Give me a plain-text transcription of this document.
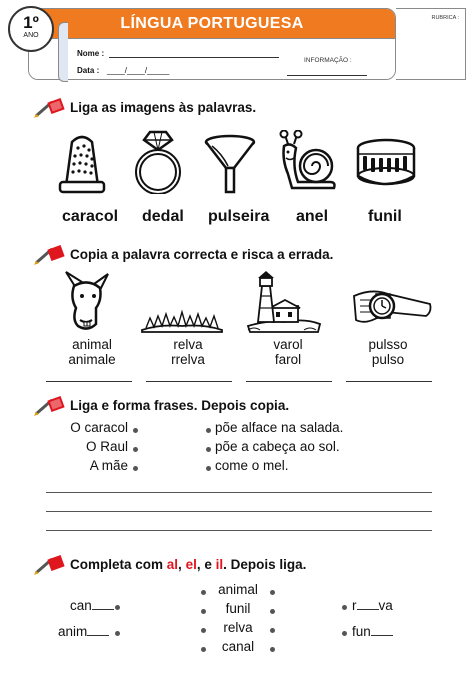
LÍNGUA PORTUGUESA
Nome :
Data : ____/____/_____
INFORMAÇÃO :
RUBRICA :
1º
ANO
Liga as imagens às palavras.
caracol dedal pulseira anel funil
Copia a palavra correcta e risca a errada.
animal
animale
relva
rrelva
varol
farol
pulsso
pulso
Liga e forma frases. Depois copia.
O caracol
O Raul
A mãe
põe alface na salada.
põe a cabeça ao sol.
come o mel.
Completa com al, el, e il. Depois liga.
can
anim
animal
funil
relva
canal
r va
fun
